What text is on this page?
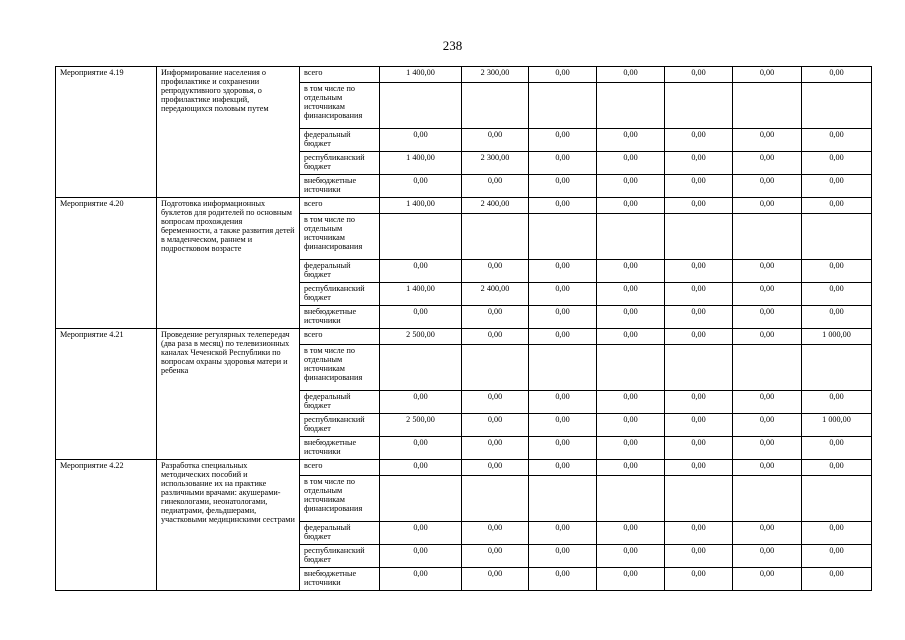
238
Мероприятие 4.19	Информирование населения о профилактике и сохранении репродуктивного здоровья, о профилактике инфекций, передающихся половым путем	всего	1 400,00	2 300,00	0,00	0,00	0,00	0,00	0,00
		в том числе по отдельным источникам финансирования							
		федеральный бюджет	0,00	0,00	0,00	0,00	0,00	0,00	0,00
		республиканский бюджет	1 400,00	2 300,00	0,00	0,00	0,00	0,00	0,00
		внебюджетные источники	0,00	0,00	0,00	0,00	0,00	0,00	0,00
Мероприятие 4.20	Подготовка информационных буклетов для родителей по основным вопросам прохождения беременности, а также развития детей в младенческом, раннем и подростковом возрасте	всего	1 400,00	2 400,00	0,00	0,00	0,00	0,00	0,00
		в том числе по отдельным источникам финансирования							
		федеральный бюджет	0,00	0,00	0,00	0,00	0,00	0,00	0,00
		республиканский бюджет	1 400,00	2 400,00	0,00	0,00	0,00	0,00	0,00
		внебюджетные источники	0,00	0,00	0,00	0,00	0,00	0,00	0,00
Мероприятие 4.21	Проведение регулярных телепередач (два раза в месяц) по телевизионных каналах Чеченской Республики по вопросам охраны здоровья матери и ребенка	всего	2 500,00	0,00	0,00	0,00	0,00	0,00	1 000,00
		в том числе по отдельным источникам финансирования							
		федеральный бюджет	0,00	0,00	0,00	0,00	0,00	0,00	0,00
		республиканский бюджет	2 500,00	0,00	0,00	0,00	0,00	0,00	1 000,00
		внебюджетные источники	0,00	0,00	0,00	0,00	0,00	0,00	0,00
Мероприятие 4.22	Разработка специальных методических пособий и использование их на практике различными врачами: акушерами-гинекологами, неонатологами, педиатрами, фельдшерами, участковыми медицинскими сестрами	всего	0,00	0,00	0,00	0,00	0,00	0,00	0,00
		в том числе по отдельным источникам финансирования							
		федеральный бюджет	0,00	0,00	0,00	0,00	0,00	0,00	0,00
		республиканский бюджет	0,00	0,00	0,00	0,00	0,00	0,00	0,00
		внебюджетные источники	0,00	0,00	0,00	0,00	0,00	0,00	0,00
